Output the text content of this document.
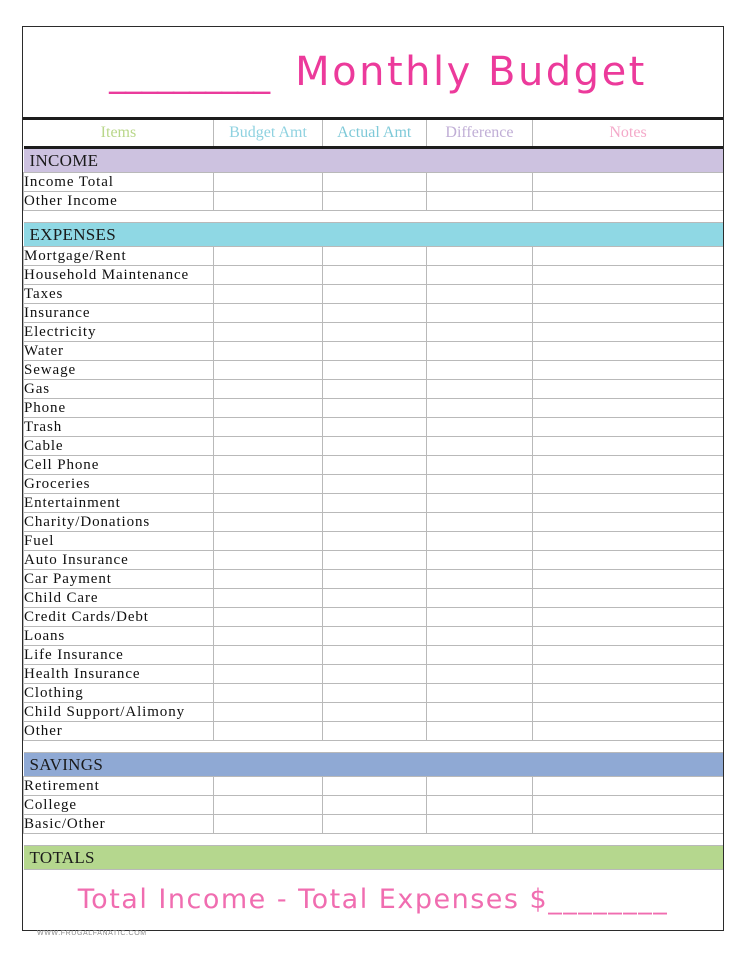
__________ Monthly Budget
Items	Budget Amt	Actual Amt	Difference	Notes
INCOME				
Income Total				
Other Income				

EXPENSES				
Mortgage/Rent				
Household Maintenance				
Taxes				
Insurance				
Electricity				
Water				
Sewage				
Gas				
Phone				
Trash				
Cable				
Cell Phone				
Groceries				
Entertainment				
Charity/Donations				
Fuel				
Auto Insurance				
Car Payment				
Child Care				
Credit Cards/Debt				
Loans				
Life Insurance				
Health Insurance				
Clothing				
Child Support/Alimony				
Other				

SAVINGS				
Retirement				
College				
Basic/Other				

TOTALS				
Total Income - Total Expenses $________
WWW.FRUGALFANATIC.COM
